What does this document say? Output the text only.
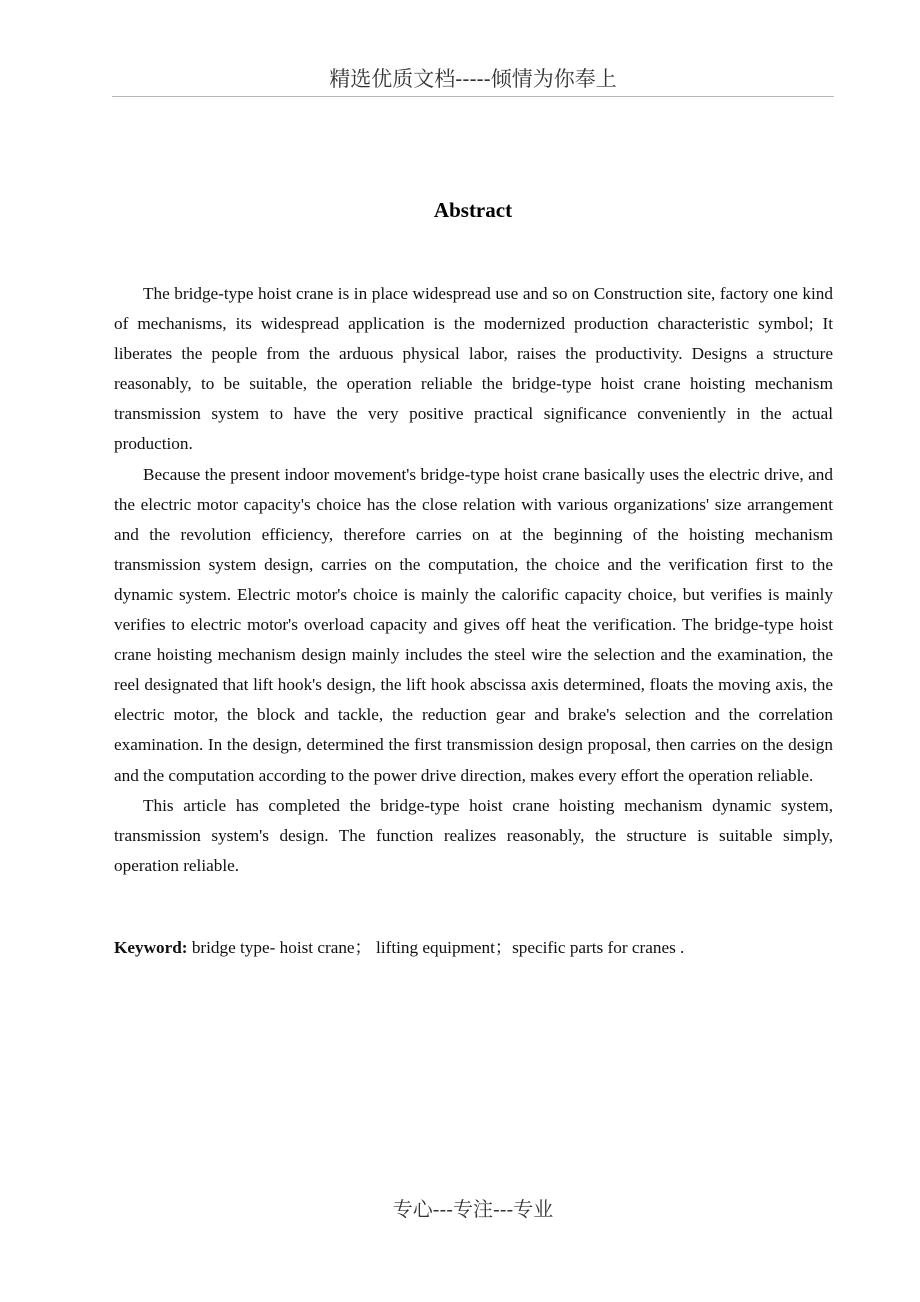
精选优质文档-----倾情为你奉上
Abstract

The bridge-type hoist crane is in place widespread use and so on Construction site, factory one kind of mechanisms, its widespread application is the modernized production characteristic symbol; It liberates the people from the arduous physical labor, raises the productivity. Designs a structure reasonably, to be suitable, the operation reliable the bridge-type hoist crane hoisting mechanism transmission system to have the very positive practical significance conveniently in the actual production.

Because the present indoor movement's bridge-type hoist crane basically uses the electric drive, and the electric motor capacity's choice has the close relation with various organizations' size arrangement and the revolution efficiency, therefore carries on at the beginning of the hoisting mechanism transmission system design, carries on the computation, the choice and the verification first to the dynamic system. Electric motor's choice is mainly the calorific capacity choice, but verifies is mainly verifies to electric motor's overload capacity and gives off heat the verification. The bridge-type hoist crane hoisting mechanism design mainly includes the steel wire the selection and the examination, the reel designated that lift hook's design, the lift hook abscissa axis determined, floats the moving axis, the electric motor, the block and tackle, the reduction gear and brake's selection and the correlation examination. In the design, determined the first transmission design proposal, then carries on the design and the computation according to the power drive direction, makes every effort the operation reliable.

This article has completed the bridge-type hoist crane hoisting mechanism dynamic system, transmission system's design. The function realizes reasonably, the structure is suitable simply, operation reliable.

Keyword: bridge type- hoist crane； lifting equipment；specific parts for cranes .
专心---专注---专业
